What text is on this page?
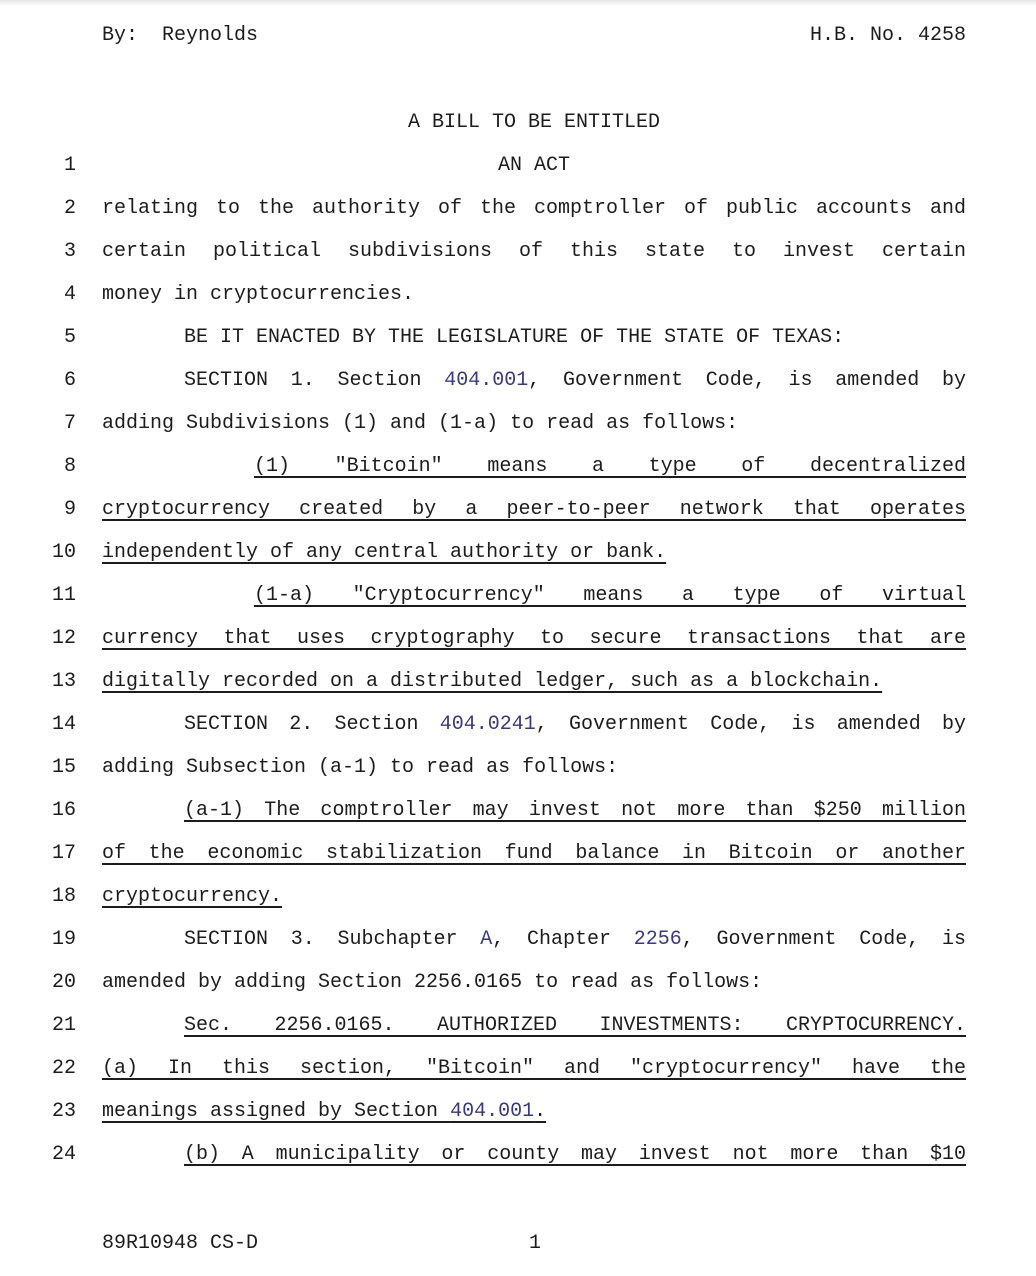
By: Reynolds	H.B. No. 4258
A BILL TO BE ENTITLED
1	AN ACT
2 relating to the authority of the comptroller of public accounts and
3 certain political subdivisions of this state to invest certain
4 money in cryptocurrencies.
5	BE IT ENACTED BY THE LEGISLATURE OF THE STATE OF TEXAS:
6	SECTION 1. Section 404.001, Government Code, is amended by
7 adding Subdivisions (1) and (1-a) to read as follows:
8	(1) "Bitcoin" means a type of decentralized
9 cryptocurrency created by a peer-to-peer network that operates
10 independently of any central authority or bank.
11	(1-a) "Cryptocurrency" means a type of virtual
12 currency that uses cryptography to secure transactions that are
13 digitally recorded on a distributed ledger, such as a blockchain.
14	SECTION 2. Section 404.0241, Government Code, is amended by
15 adding Subsection (a-1) to read as follows:
16	(a-1) The comptroller may invest not more than $250 million
17 of the economic stabilization fund balance in Bitcoin or another
18 cryptocurrency.
19	SECTION 3. Subchapter A, Chapter 2256, Government Code, is
20 amended by adding Section 2256.0165 to read as follows:
21	Sec. 2256.0165. AUTHORIZED INVESTMENTS: CRYPTOCURRENCY.
22 (a) In this section, "Bitcoin" and "cryptocurrency" have the
23 meanings assigned by Section 404.001.
24	(b) A municipality or county may invest not more than $10
89R10948 CS-D	1
